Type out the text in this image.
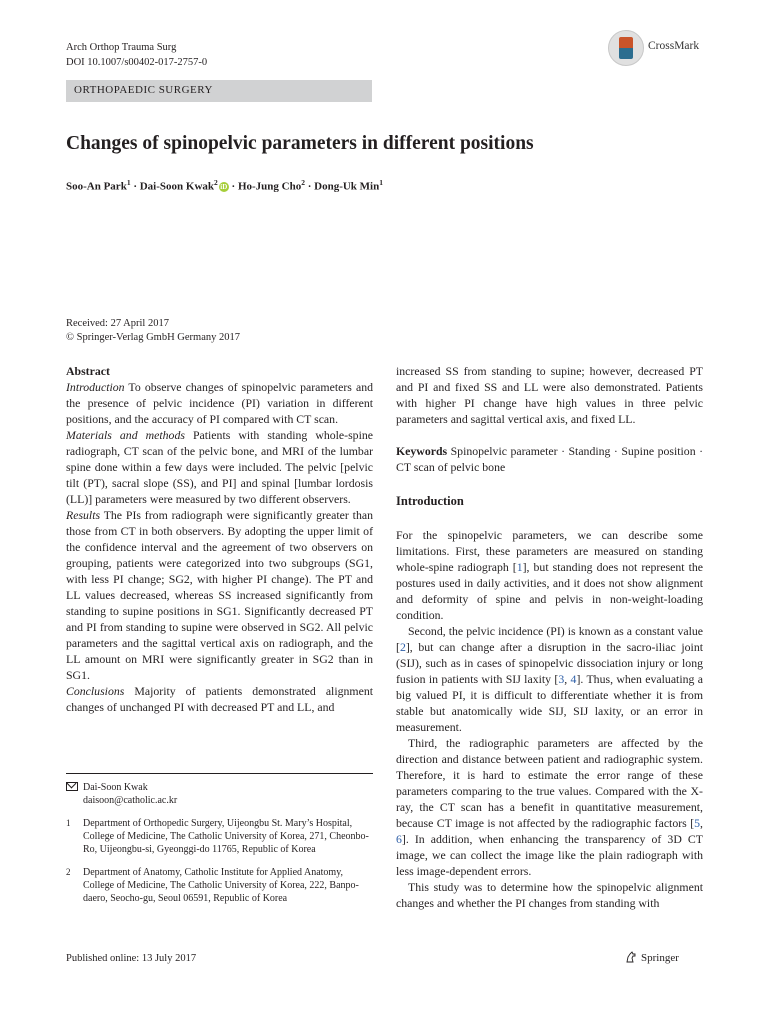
Arch Orthop Trauma Surg
DOI 10.1007/s00402-017-2757-0
CrossMark
ORTHOPAEDIC SURGERY
Changes of spinopelvic parameters in different positions
Soo-An Park$^1$ · Dai-Soon Kwak$^2$ iD · Ho-Jung Cho$^2$ · Dong-Uk Min$^1$
Received: 27 April 2017
© Springer-Verlag GmbH Germany 2017

Abstract

Introduction To observe changes of spinopelvic parameters and the presence of pelvic incidence (PI) variation in different positions, and the accuracy of PI compared with CT scan.

Materials and methods Patients with standing whole-spine radiograph, CT scan of the pelvic bone, and MRI of the lumbar spine done within a few days were included. The pelvic [pelvic tilt (PT), sacral slope (SS), and PI] and spinal [lumbar lordosis (LL)] parameters were measured by two different observers.

Results The PIs from radiograph were significantly greater than those from CT in both observers. By adopting the upper limit of the confidence interval and the agreement of two observers on grouping, patients were categorized into two subgroups (SG1, with less PI change; SG2, with higher PI change). The PT and LL values decreased, whereas SS increased significantly from standing to supine positions in SG1. Significantly decreased PT and PI from standing to supine were observed in SG2. All pelvic parameters and the sagittal vertical axis on radiograph, and the LL amount on MRI were significantly greater in SG2 than in SG1.

Conclusions Majority of patients demonstrated alignment changes of unchanged PI with decreased PT and LL, and

Dai-Soon Kwak
daisoon@catholic.ac.kr
1 Department of Orthopedic Surgery, Uijeongbu St. Mary’s Hospital, College of Medicine, The Catholic University of Korea, 271, Cheonbo-Ro, Uijeongbu-si, Gyeonggi-do 11765, Republic of Korea
2 Department of Anatomy, Catholic Institute for Applied Anatomy, College of Medicine, The Catholic University of Korea, 222, Banpo-daero, Seocho-gu, Seoul 06591, Republic of Korea

increased SS from standing to supine; however, decreased PT and PI and fixed SS and LL were also demonstrated. Patients with higher PI change have high values in three pelvic parameters and sagittal vertical axis, and fixed LL.

Keywords Spinopelvic parameter · Standing · Supine position · CT scan of pelvic bone

Introduction

For the spinopelvic parameters, we can describe some limitations. First, these parameters are measured on standing whole-spine radiograph [1], but standing does not represent the postures used in daily activities, and it does not show alignment and deformity of spine and pelvis in non-weight-loading condition.

Second, the pelvic incidence (PI) is known as a constant value [2], but can change after a disruption in the sacro-iliac joint (SIJ), such as in cases of spinopelvic dissociation injury or long fusion in patients with SIJ laxity [3, 4]. Thus, when evaluating a big valued PI, it is difficult to differentiate whether it is from stable but anatomically wide SIJ, SIJ laxity, or an error in measurement.

Third, the radiographic parameters are affected by the direction and distance between patient and radiographic system. Therefore, it is hard to estimate the error range of these parameters comparing to the true values. Compared with the X-ray, the CT scan has a benefit in quantitative measurement, because CT image is not affected by the radiographic factors [5, 6]. In addition, when enhancing the transparency of 3D CT image, we can collect the image like the plain radiograph with less image-dependent errors.

This study was to determine how the spinopelvic alignment changes and whether the PI changes from standing with

Published online: 13 July 2017	Springer
